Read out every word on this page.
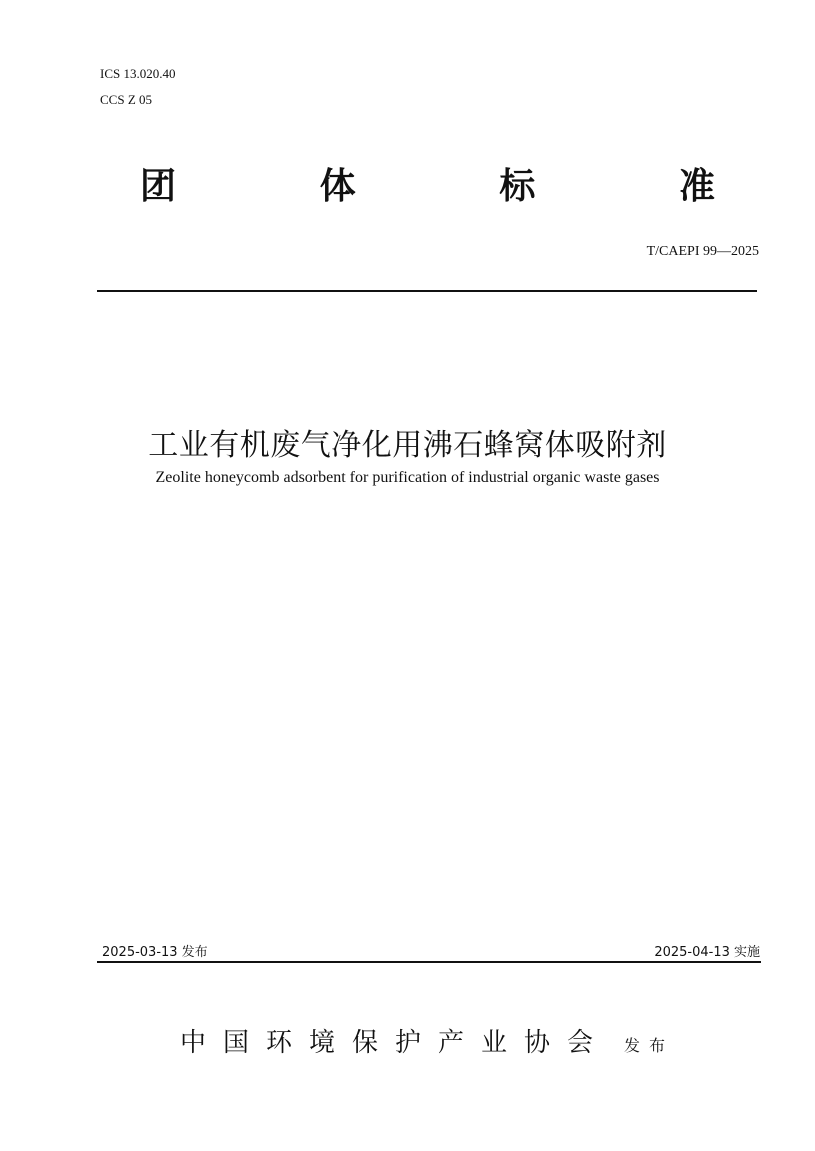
ICS 13.020.40
CCS Z 05
团	体	标	准
T/CAEPI 99—2025
工业有机废气净化用沸石蜂窝体吸附剂
Zeolite honeycomb adsorbent for purification of industrial organic waste gases
2025-03-13 发布	2025-04-13 实施
中国环境保护产业协会 发布
